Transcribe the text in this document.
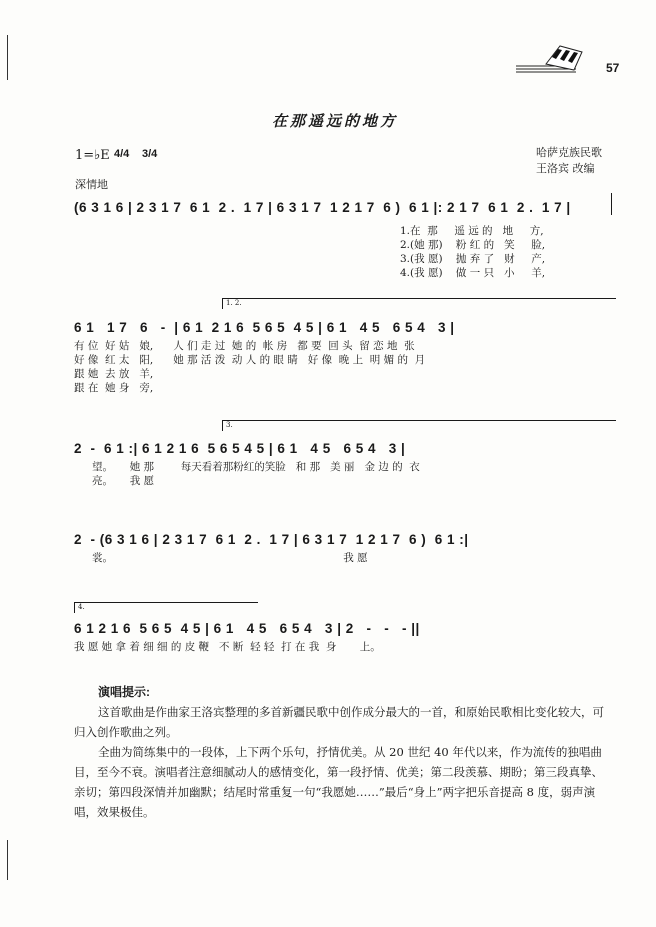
57
在那遥远的地方
1=♭E 4/4 3/4
深情地
哈萨克族民歌
王洛宾 改编
(6 3 1 6 | 2 3 1 7  6 1  2 .  1 7 | 6 3 1 7  1 2 1 7  6 )  6 1 |: 2 1 7  6 1  2 .  1 7 |
1.在  那     遥 远 的   地     方,
2.(她 那)    粉 红 的   笑     脸,
3.(我 愿)    抛 弃 了   财     产,
4.(我 愿)    做 一 只   小     羊,
1. 2.
6 1   1 7   6   -  | 6 1  2 1 6  5 6 5  4 5 | 6 1   4 5   6 5 4   3 |
有 位  好 姑   娘,      人 们 走 过  她 的  帐 房   都 要  回 头  留 恋 地  张
好 像  红 太   阳,      她 那 活 泼  动 人 的 眼 睛   好 像  晚 上  明 媚 的  月
跟 她  去 放   羊,
跟 在  她 身   旁,
3.
2  -  6 1 :| 6 1 2 1 6  5 6 5 4 5 | 6 1   4 5   6 5 4   3 |
望。     她 那        每天看着那粉红的笑脸   和 那   美 丽   金 边 的  衣
亮。     我 愿
2  - (6 3 1 6 | 2 3 1 7  6 1  2 .  1 7 | 6 3 1 7  1 2 1 7  6 )  6 1 :|
裳。                                                                     我 愿
4.
6 1 2 1 6  5 6 5  4 5 | 6 1   4 5   6 5 4   3 | 2   -   -   - ||
我 愿 她 拿 着 细 细 的 皮 鞭   不 断  轻 轻  打 在 我  身       上。
演唱提示:
这首歌曲是作曲家王洛宾整理的多首新疆民歌中创作成分最大的一首，和原始民歌相比变化较大，可归入创作歌曲之列。
全曲为简练集中的一段体，上下两个乐句，抒情优美。从 20 世纪 40 年代以来，作为流传的独唱曲目，至今不衰。演唱者注意细腻动人的感情变化，第一段抒情、优美；第二段羡慕、期盼；第三段真挚、亲切；第四段深情并加幽默；结尾时常重复一句“我愿她……”最后“身上”两字把乐音提高 8 度，弱声演唱，效果极佳。
